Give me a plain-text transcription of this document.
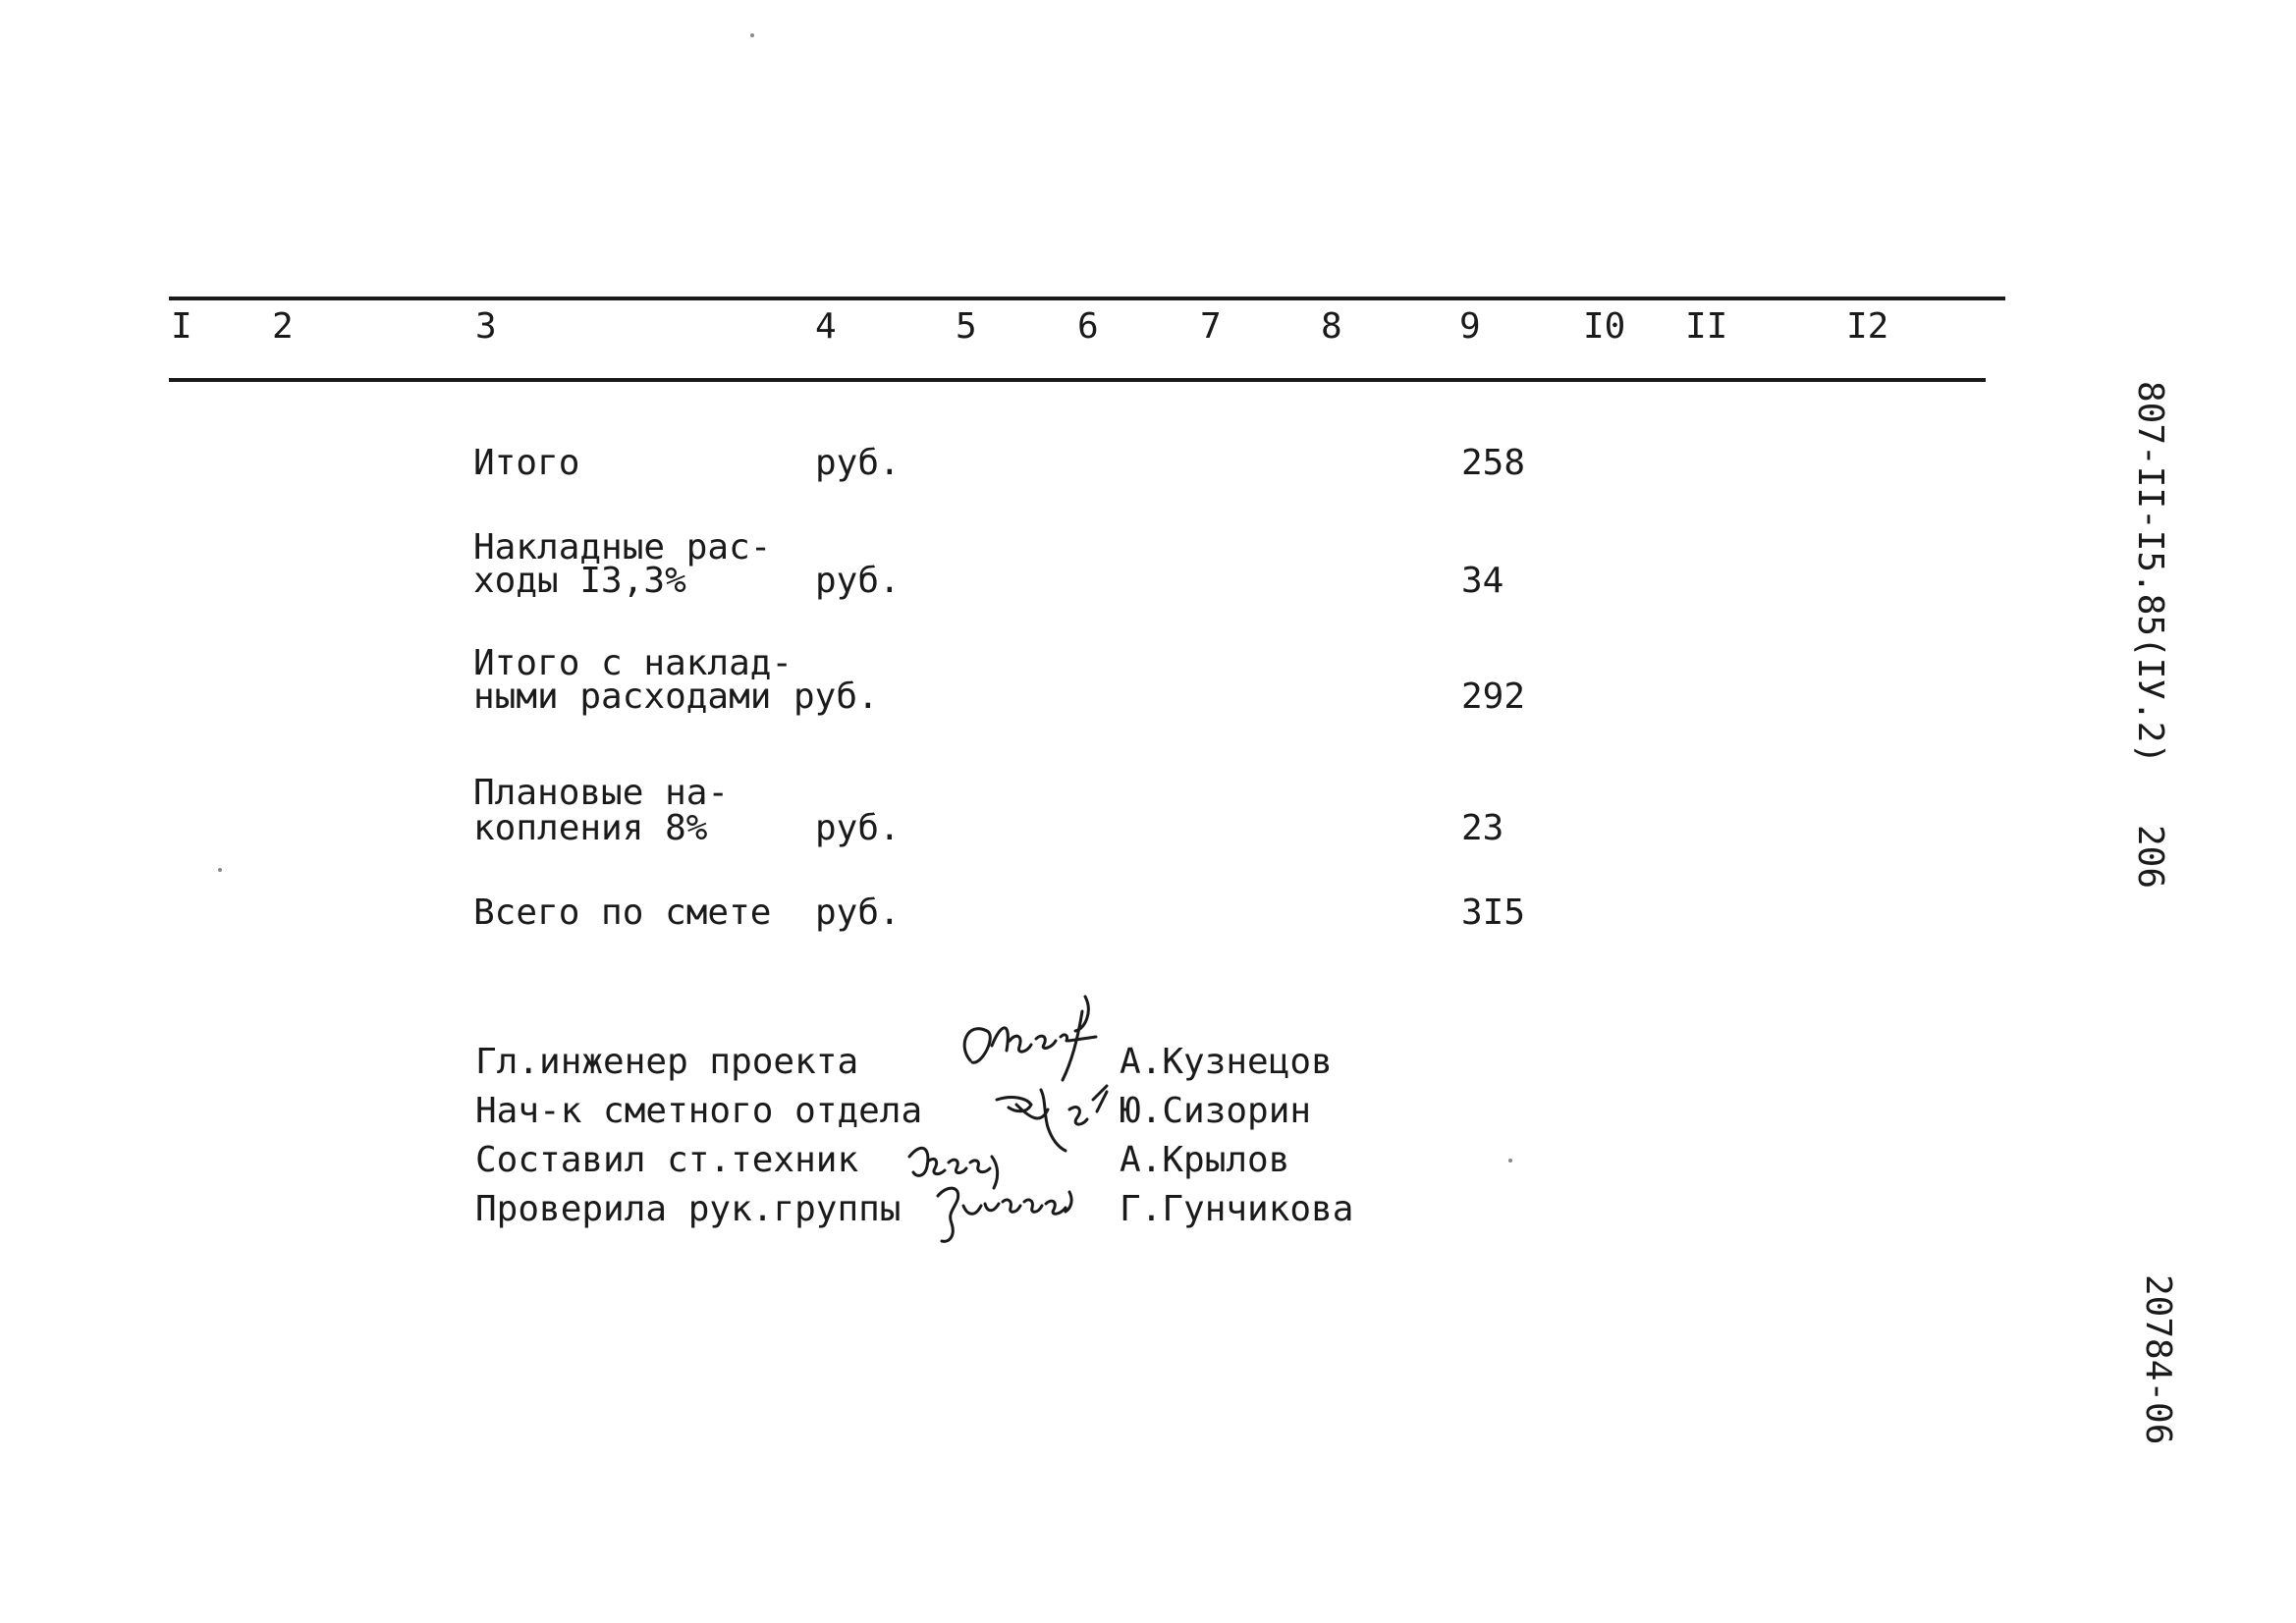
I 2	3	4	5	6	7	8	9	I0 II	I2
Итого	руб.	258
Накладные рас-
ходы I3,3%	руб.	34
Итого с наклад-
ными расходами руб.	292
Плановые на-
копления 8%	руб.	23
Всего по смете руб.	3I5
Гл.инженер проекта	А.Кузнецов
Нач-к сметного отдела	Ю.Сизорин
Составил ст.техник	А.Крылов
Проверила рук.группы	Г.Гунчикова
807-II-I5.85(IУ.2)
206
20784-06
